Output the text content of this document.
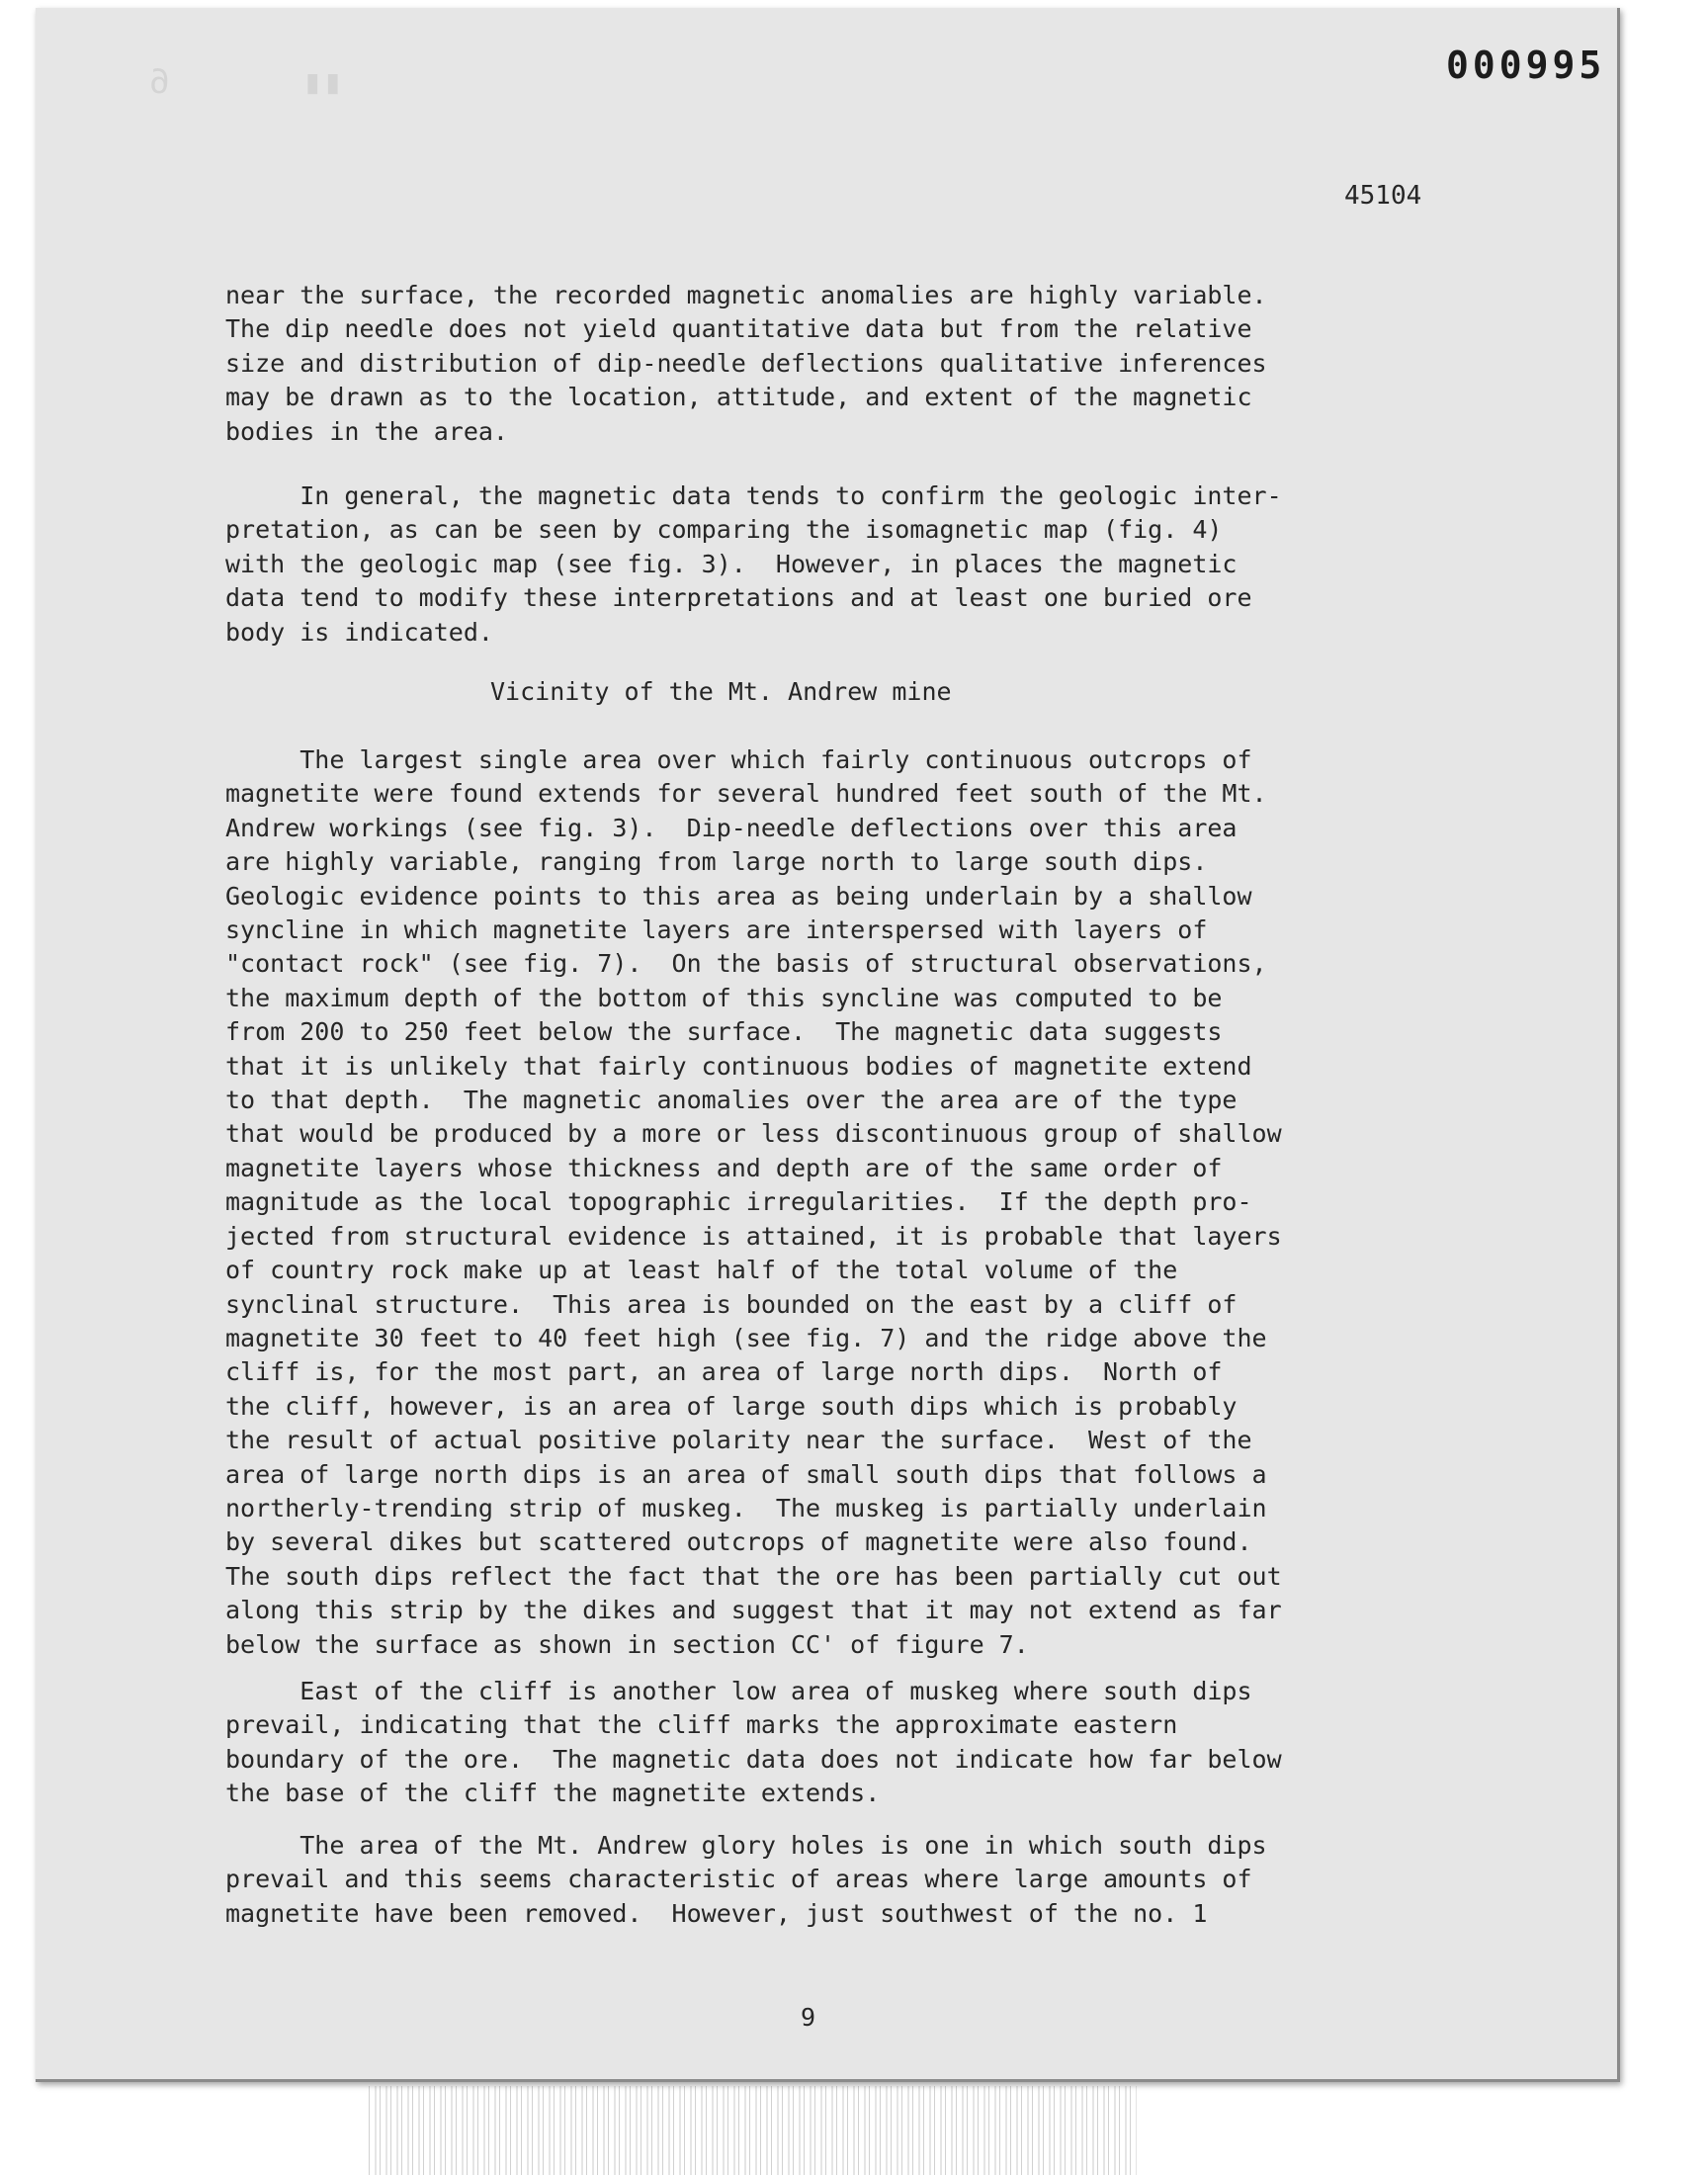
6	▮▮	000995
45104
near the surface, the recorded magnetic anomalies are highly variable.
The dip needle does not yield quantitative data but from the relative
size and distribution of dip-needle deflections qualitative inferences
may be drawn as to the location, attitude, and extent of the magnetic
bodies in the area.
In general, the magnetic data tends to confirm the geologic inter-
pretation, as can be seen by comparing the isomagnetic map (fig. 4)
with the geologic map (see fig. 3).  However, in places the magnetic
data tend to modify these interpretations and at least one buried ore
body is indicated.
Vicinity of the Mt. Andrew mine
The largest single area over which fairly continuous outcrops of
magnetite were found extends for several hundred feet south of the Mt.
Andrew workings (see fig. 3).  Dip-needle deflections over this area
are highly variable, ranging from large north to large south dips.
Geologic evidence points to this area as being underlain by a shallow
syncline in which magnetite layers are interspersed with layers of
"contact rock" (see fig. 7).  On the basis of structural observations,
the maximum depth of the bottom of this syncline was computed to be
from 200 to 250 feet below the surface.  The magnetic data suggests
that it is unlikely that fairly continuous bodies of magnetite extend
to that depth.  The magnetic anomalies over the area are of the type
that would be produced by a more or less discontinuous group of shallow
magnetite layers whose thickness and depth are of the same order of
magnitude as the local topographic irregularities.  If the depth pro-
jected from structural evidence is attained, it is probable that layers
of country rock make up at least half of the total volume of the
synclinal structure.  This area is bounded on the east by a cliff of
magnetite 30 feet to 40 feet high (see fig. 7) and the ridge above the
cliff is, for the most part, an area of large north dips.  North of
the cliff, however, is an area of large south dips which is probably
the result of actual positive polarity near the surface.  West of the
area of large north dips is an area of small south dips that follows a
northerly-trending strip of muskeg.  The muskeg is partially underlain
by several dikes but scattered outcrops of magnetite were also found.
The south dips reflect the fact that the ore has been partially cut out
along this strip by the dikes and suggest that it may not extend as far
below the surface as shown in section CC' of figure 7.
East of the cliff is another low area of muskeg where south dips
prevail, indicating that the cliff marks the approximate eastern
boundary of the ore.  The magnetic data does not indicate how far below
the base of the cliff the magnetite extends.
The area of the Mt. Andrew glory holes is one in which south dips
prevail and this seems characteristic of areas where large amounts of
magnetite have been removed.  However, just southwest of the no. 1
9
